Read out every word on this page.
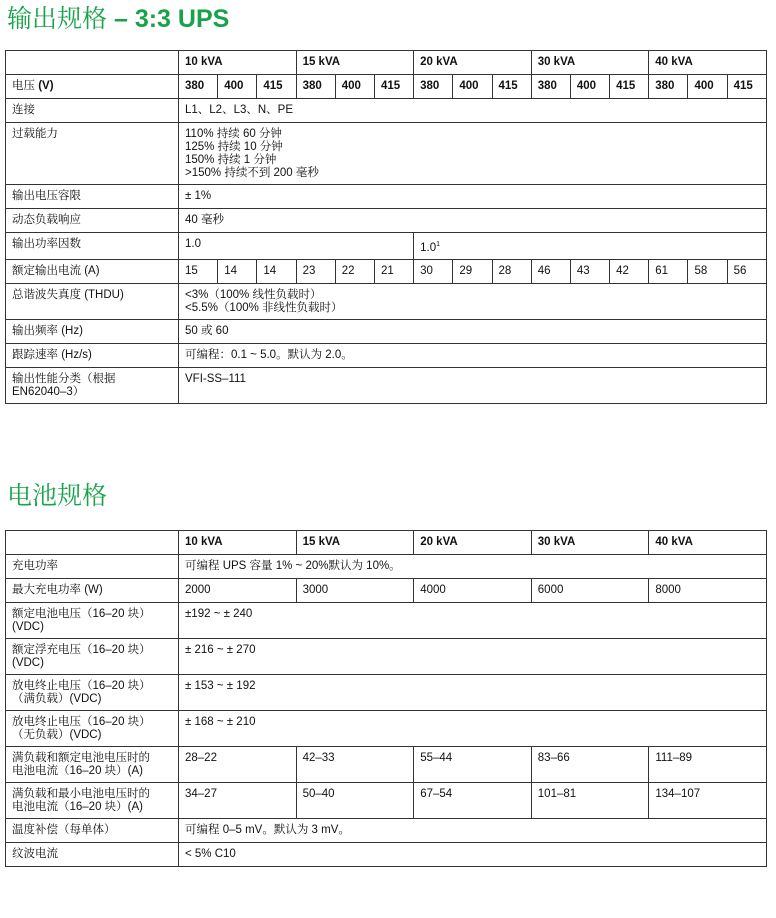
输出规格 – 3:3 UPS
	10 kVA			15 kVA			20 kVA			30 kVA			40 kVA		
电压 (V)	380	400	415	380	400	415	380	400	415	380	400	415	380	400	415
连接	L1、L2、L3、N、PE														
过载能力	110% 持续 60 分钟
125% 持续 10 分钟
150% 持续 1 分钟
>150% 持续不到 200 毫秒														

输出电压容限	± 1%														
动态负载响应	40 毫秒														
输出功率因数	1.0						$1.0^1$
额定输出电流 (A)	15	14	14	23	22	21	30	29	28	46	43	42	61	58	56
总谐波失真度 (THDU)	<3%（100% 线性负载时）
<5.5%（100% 非线性负载时）														

输出频率 (Hz)	50 或 60														
跟踪速率 (Hz/s)	可编程：0.1 ~ 5.0。默认为 2.0。														

输出性能分类（根据
EN62040–3）	VFI-SS–111														
电池规格
	10 kVA	15 kVA	20 kVA	30 kVA	40 kVA
充电功率	可编程 UPS 容量 1% ~ 20%默认为 10%。				
最大充电功率 (W)	2000	3000	4000	6000	8000

额定电池电压（16–20 块）
(VDC)	±192 ~ ± 240				

额定浮充电压（16–20 块）
(VDC)	± 216 ~ ± 270				

放电终止电压（16–20 块）
（满负载）(VDC)	± 153 ~ ± 192				

放电终止电压（16–20 块）
（无负载）(VDC)	± 168 ~ ± 210				

满负载和额定电池电压时的
电池电流（16–20 块）(A)	28–22	42–33	55–44	83–66	111–89

满负载和最小电池电压时的
电池电流（16–20 块）(A)	34–27	50–40	67–54	101–81	134–107
温度补偿（每单体）	可编程 0–5 mV。默认为 3 mV。				
纹波电流	< 5% C10				
